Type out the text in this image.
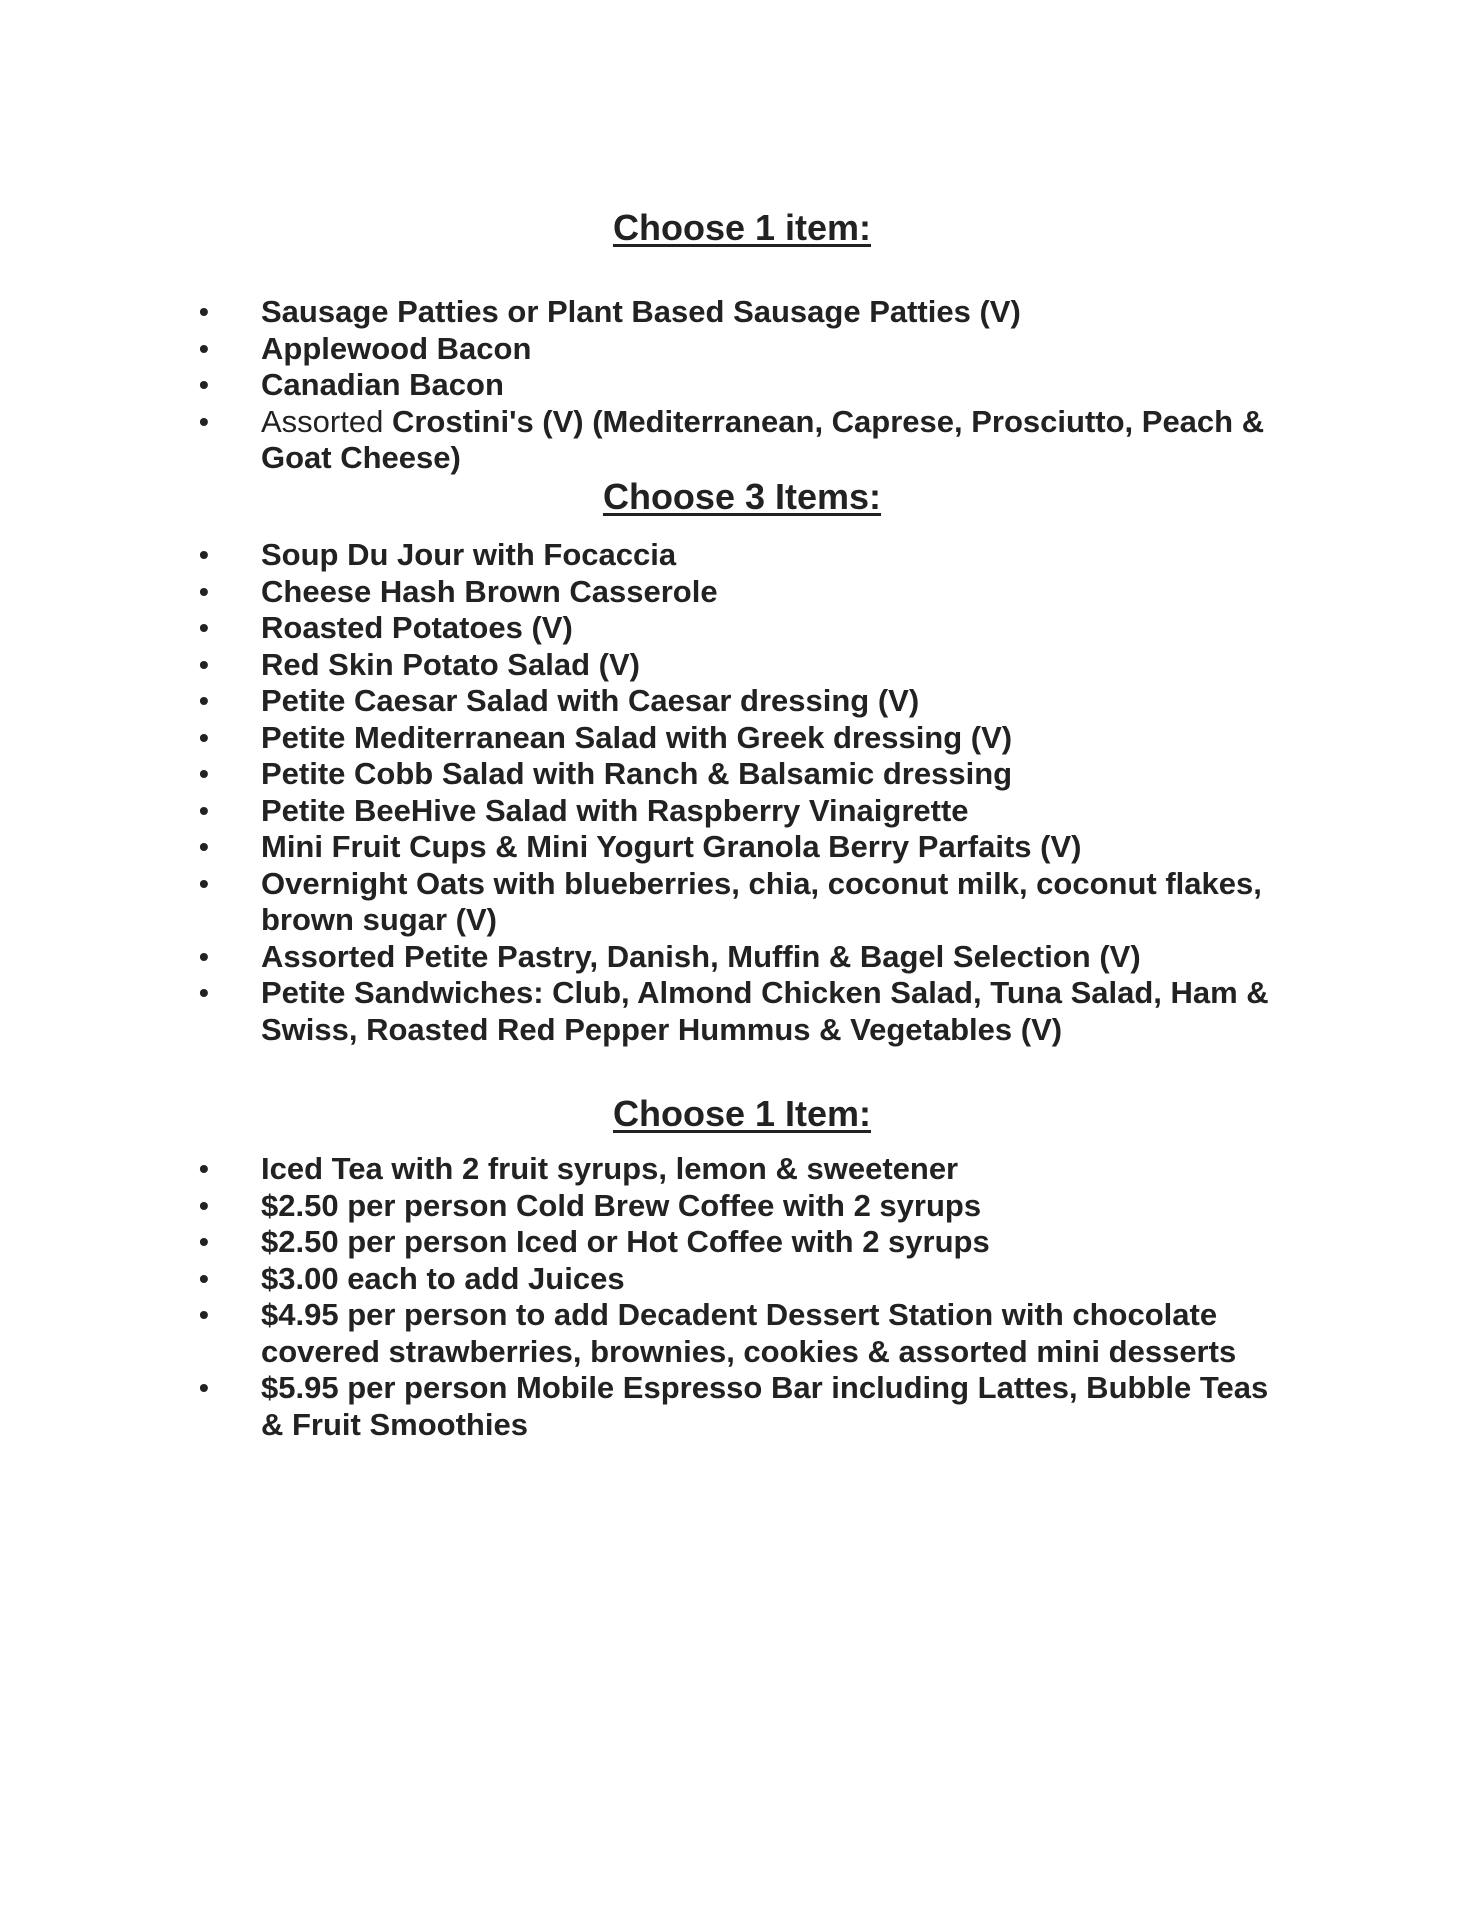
Choose 1 item:
• Sausage Patties or Plant Based Sausage Patties (V)
• Applewood Bacon
• Canadian Bacon
• Assorted Crostini's (V) (Mediterranean, Caprese, Prosciutto, Peach & Goat Cheese)
Choose 3 Items:
• Soup Du Jour with Focaccia
• Cheese Hash Brown Casserole
• Roasted Potatoes (V)
• Red Skin Potato Salad (V)
• Petite Caesar Salad with Caesar dressing (V)
• Petite Mediterranean Salad with Greek dressing (V)
• Petite Cobb Salad with Ranch & Balsamic dressing
• Petite BeeHive Salad with Raspberry Vinaigrette
• Mini Fruit Cups & Mini Yogurt Granola Berry Parfaits (V)
• Overnight Oats with blueberries, chia, coconut milk, coconut flakes, brown sugar (V)
• Assorted Petite Pastry, Danish, Muffin & Bagel Selection (V)
• Petite Sandwiches: Club, Almond Chicken Salad, Tuna Salad, Ham & Swiss, Roasted Red Pepper Hummus & Vegetables (V)
Choose 1 Item:
• Iced Tea with 2 fruit syrups, lemon & sweetener
• $2.50 per person Cold Brew Coffee with 2 syrups
• $2.50 per person Iced or Hot Coffee with 2 syrups
• $3.00 each to add Juices
• $4.95 per person to add Decadent Dessert Station with chocolate covered strawberries, brownies, cookies & assorted mini desserts
• $5.95 per person Mobile Espresso Bar including Lattes, Bubble Teas & Fruit Smoothies
